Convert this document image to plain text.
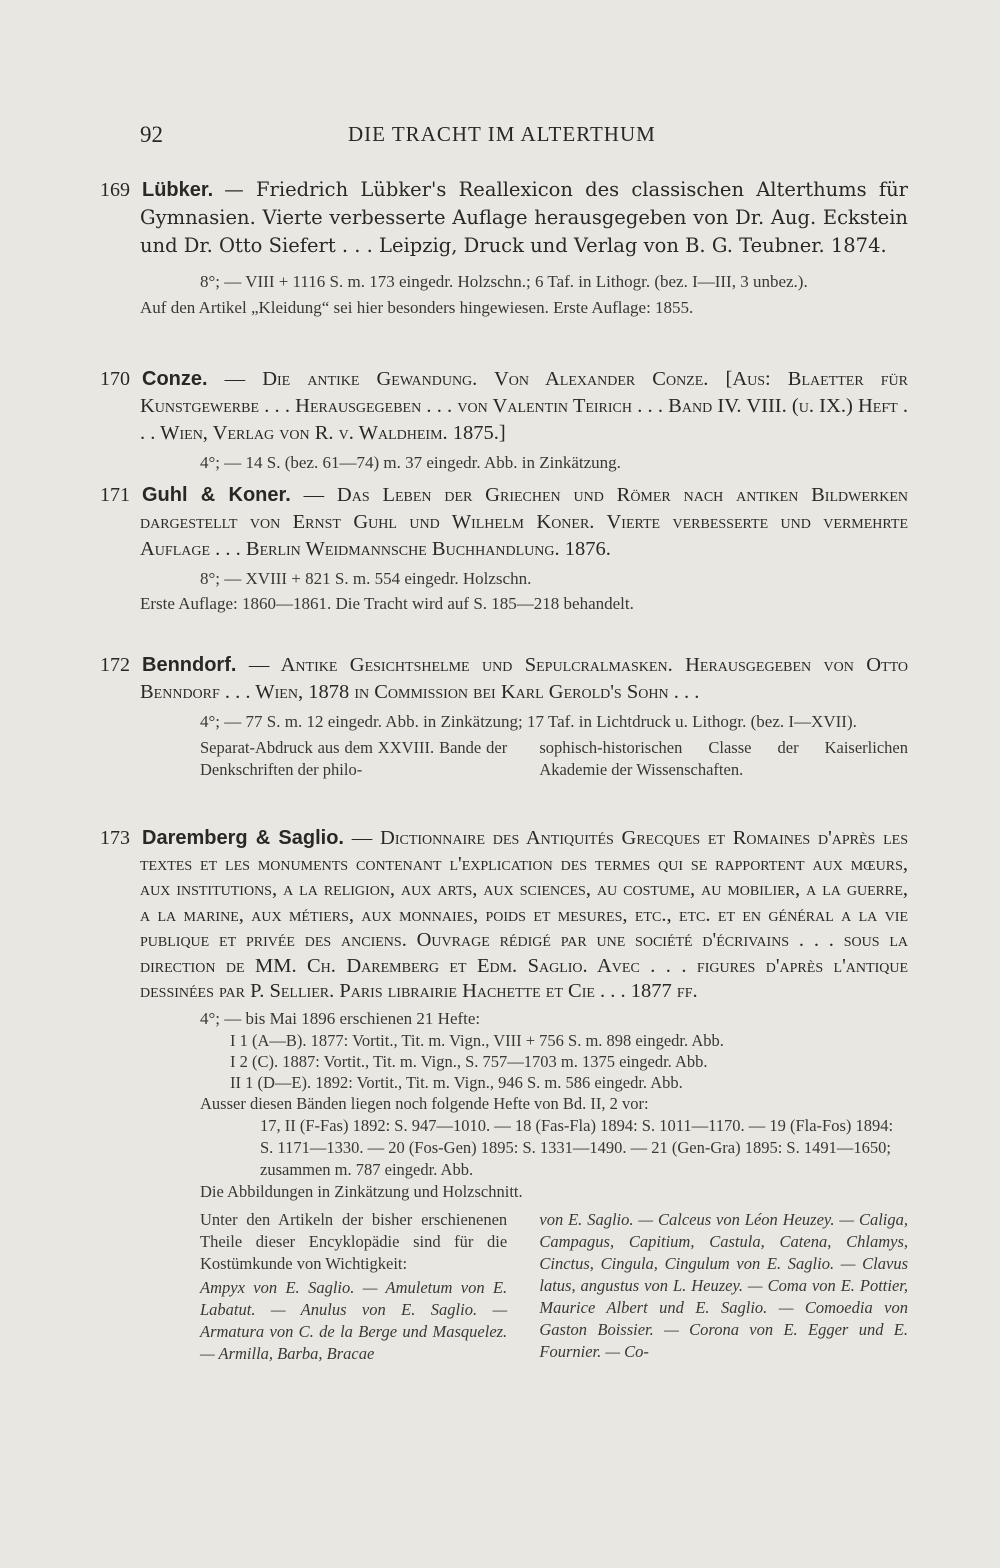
92	DIE TRACHT IM ALTERTHUM
169 Lübker. — Friedrich Lübker's Reallexicon des classischen Alterthums für Gymnasien. Vierte verbesserte Auflage herausgegeben von Dr. Aug. Eckstein und Dr. Otto Siefert . . . Leipzig, Druck und Verlag von B. G. Teubner. 1874.
8°; — VIII + 1116 S. m. 173 eingedr. Holzschn.; 6 Taf. in Lithogr. (bez. I—III, 3 unbez.).
Auf den Artikel „Kleidung“ sei hier besonders hingewiesen. Erste Auflage: 1855.
170 Conze. — Die antike Gewandung. Von Alexander Conze. [Aus: Blaetter für Kunstgewerbe . . . Herausgegeben . . . von Valentin Teirich . . . Band IV. VIII. (u. IX.) Heft . . . Wien, Verlag von R. v. Waldheim. 1875.]
4°; — 14 S. (bez. 61—74) m. 37 eingedr. Abb. in Zinkätzung.
171 Guhl & Koner. — Das Leben der Griechen und Römer nach antiken Bildwerken dargestellt von Ernst Guhl und Wilhelm Koner. Vierte verbesserte und vermehrte Auflage . . . Berlin Weidmannsche Buchhandlung. 1876.
8°; — XVIII + 821 S. m. 554 eingedr. Holzschn.
Erste Auflage: 1860—1861. Die Tracht wird auf S. 185—218 behandelt.
172 Benndorf. — Antike Gesichtshelme und Sepulcralmasken. Herausgegeben von Otto Benndorf . . . Wien, 1878 in Commission bei Karl Gerold's Sohn . . .
4°; — 77 S. m. 12 eingedr. Abb. in Zinkätzung; 17 Taf. in Lichtdruck u. Lithogr. (bez. I—XVII).
Separat-Abdruck aus dem XXVIII. Bande der Denkschriften der philo-
sophisch-historischen Classe der Kaiserlichen Akademie der Wissenschaften.
173 Daremberg & Saglio. — Dictionnaire des Antiquités Grecques et Romaines d'après les textes et les monuments contenant l'explication des termes qui se rapportent aux mœurs, aux institutions, a la religion, aux arts, aux sciences, au costume, au mobilier, a la guerre, a la marine, aux métiers, aux monnaies, poids et mesures, etc., etc. et en général a la vie publique et privée des anciens. Ouvrage rédigé par une société d'écrivains . . . sous la direction de MM. Ch. Daremberg et Edm. Saglio. Avec . . . figures d'après l'antique dessinées par P. Sellier. Paris librairie Hachette et Cie . . . 1877 ff.
4°; — bis Mai 1896 erschienen 21 Hefte:
I 1 (A—B). 1877: Vortit., Tit. m. Vign., VIII + 756 S. m. 898 eingedr. Abb.
I 2 (C). 1887: Vortit., Tit. m. Vign., S. 757—1703 m. 1375 eingedr. Abb.
II 1 (D—E). 1892: Vortit., Tit. m. Vign., 946 S. m. 586 eingedr. Abb.
Ausser diesen Bänden liegen noch folgende Hefte von Bd. II, 2 vor:
17, II (F-Fas) 1892: S. 947—1010. — 18 (Fas-Fla) 1894: S. 1011—1170. — 19 (Fla-Fos) 1894: S. 1171—1330. — 20 (Fos-Gen) 1895: S. 1331—1490. — 21 (Gen-Gra) 1895: S. 1491—1650; zusammen m. 787 eingedr. Abb.
Die Abbildungen in Zinkätzung und Holzschnitt.
Unter den Artikeln der bisher erschienenen Theile dieser Encyklopädie sind für die Kostümkunde von Wichtigkeit:
Ampyx von E. Saglio. — Amuletum von E. Labatut. — Anulus von E. Saglio. — Armatura von C. de la Berge und Masquelez. — Armilla, Barba, Bracae
von E. Saglio. — Calceus von Léon Heuzey. — Caliga, Campagus, Capitium, Castula, Catena, Chlamys, Cinctus, Cingula, Cingulum von E. Saglio. — Clavus latus, angustus von L. Heuzey. — Coma von E. Pottier, Maurice Albert und E. Saglio. — Comoedia von Gaston Boissier. — Corona von E. Egger und E. Fournier. — Co-
